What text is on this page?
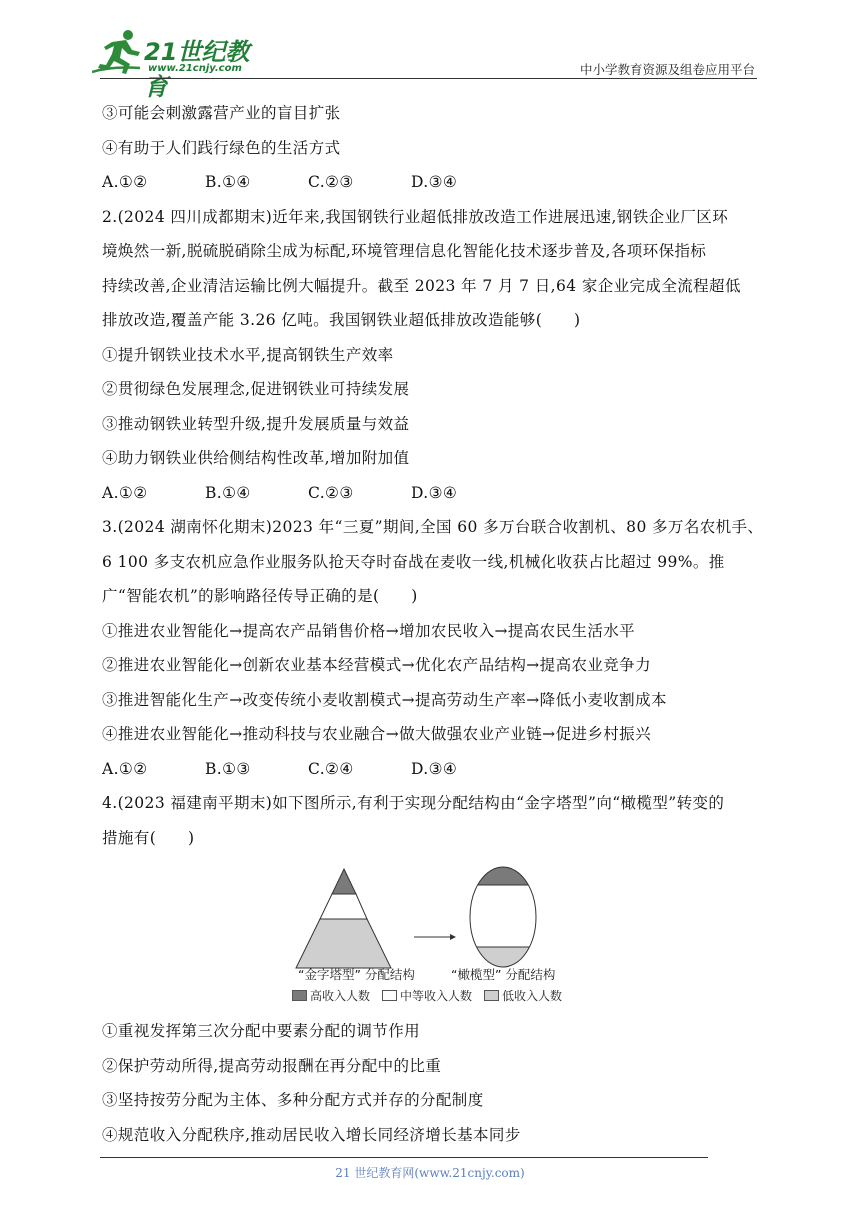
21世纪教育
www.21cnjy.com	中小学教育资源及组卷应用平台
③可能会刺激露营产业的盲目扩张
④有助于人们践行绿色的生活方式
A.①②	B.①④	C.②③	D.③④
2.(2024 四川成都期末)近年来,我国钢铁行业超低排放改造工作进展迅速,钢铁企业厂区环
境焕然一新,脱硫脱硝除尘成为标配,环境管理信息化智能化技术逐步普及,各项环保指标
持续改善,企业清洁运输比例大幅提升。截至 2023 年 7 月 7 日,64 家企业完成全流程超低
排放改造,覆盖产能 3.26 亿吨。我国钢铁业超低排放改造能够(　　)
①提升钢铁业技术水平,提高钢铁生产效率
②贯彻绿色发展理念,促进钢铁业可持续发展
③推动钢铁业转型升级,提升发展质量与效益
④助力钢铁业供给侧结构性改革,增加附加值
A.①②	B.①④	C.②③	D.③④
3.(2024 湖南怀化期末)2023 年“三夏”期间,全国 60 多万台联合收割机、80 多万名农机手、
6 100 多支农机应急作业服务队抢天夺时奋战在麦收一线,机械化收获占比超过 99%。推
广“智能农机”的影响路径传导正确的是(　　)
①推进农业智能化→提高农产品销售价格→增加农民收入→提高农民生活水平
②推进农业智能化→创新农业基本经营模式→优化农产品结构→提高农业竞争力
③推进智能化生产→改变传统小麦收割模式→提高劳动生产率→降低小麦收割成本
④推进农业智能化→推动科技与农业融合→做大做强农业产业链→促进乡村振兴
A.①②	B.①③	C.②④	D.③④
4.(2023 福建南平期末)如下图所示,有利于实现分配结构由“金字塔型”向“橄榄型”转变的
措施有(　　)
“金字塔型” 分配结构	“橄榄型” 分配结构
高收入人数	中等收入人数	低收入人数
①重视发挥第三次分配中要素分配的调节作用
②保护劳动所得,提高劳动报酬在再分配中的比重
③坚持按劳分配为主体、多种分配方式并存的分配制度
④规范收入分配秩序,推动居民收入增长同经济增长基本同步
21 世纪教育网(www.21cnjy.com)
